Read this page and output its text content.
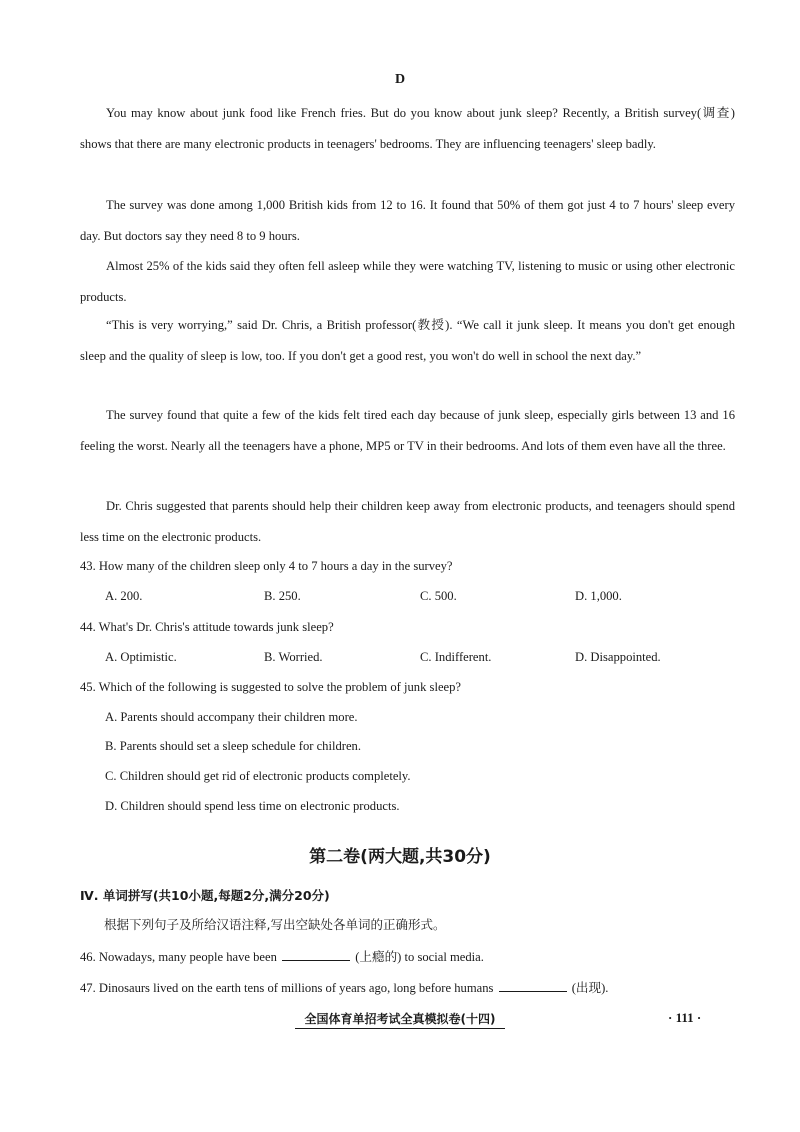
D
You may know about junk food like French fries. But do you know about junk sleep? Recently, a British survey(调查) shows that there are many electronic products in teenagers' bedrooms. They are influencing teenagers' sleep badly.
The survey was done among 1,000 British kids from 12 to 16. It found that 50% of them got just 4 to 7 hours' sleep every day. But doctors say they need 8 to 9 hours.
Almost 25% of the kids said they often fell asleep while they were watching TV, listening to music or using other electronic products.
“This is very worrying,” said Dr. Chris, a British professor(教授). “We call it junk sleep. It means you don't get enough sleep and the quality of sleep is low, too. If you don't get a good rest, you won't do well in school the next day.”
The survey found that quite a few of the kids felt tired each day because of junk sleep, especially girls between 13 and 16 feeling the worst. Nearly all the teenagers have a phone, MP5 or TV in their bedrooms. And lots of them even have all the three.
Dr. Chris suggested that parents should help their children keep away from electronic products, and teenagers should spend less time on the electronic products.
43. How many of the children sleep only 4 to 7 hours a day in the survey?
A. 200.	B. 250.	C. 500.	D. 1,000.
44. What's Dr. Chris's attitude towards junk sleep?
A. Optimistic.	B. Worried.	C. Indifferent.	D. Disappointed.
45. Which of the following is suggested to solve the problem of junk sleep?
A. Parents should accompany their children more.
B. Parents should set a sleep schedule for children.
C. Children should get rid of electronic products completely.
D. Children should spend less time on electronic products.
第二卷(两大题,共30分)
Ⅳ. 单词拼写(共10小题,每题2分,满分20分)
根据下列句子及所给汉语注释,写出空缺处各单词的正确形式。
46. Nowadays, many people have been	(上瘾的) to social media.
47. Dinosaurs lived on the earth tens of millions of years ago, long before humans	(出现).
全国体育单招考试全真模拟卷(十四)	· 111 ·
